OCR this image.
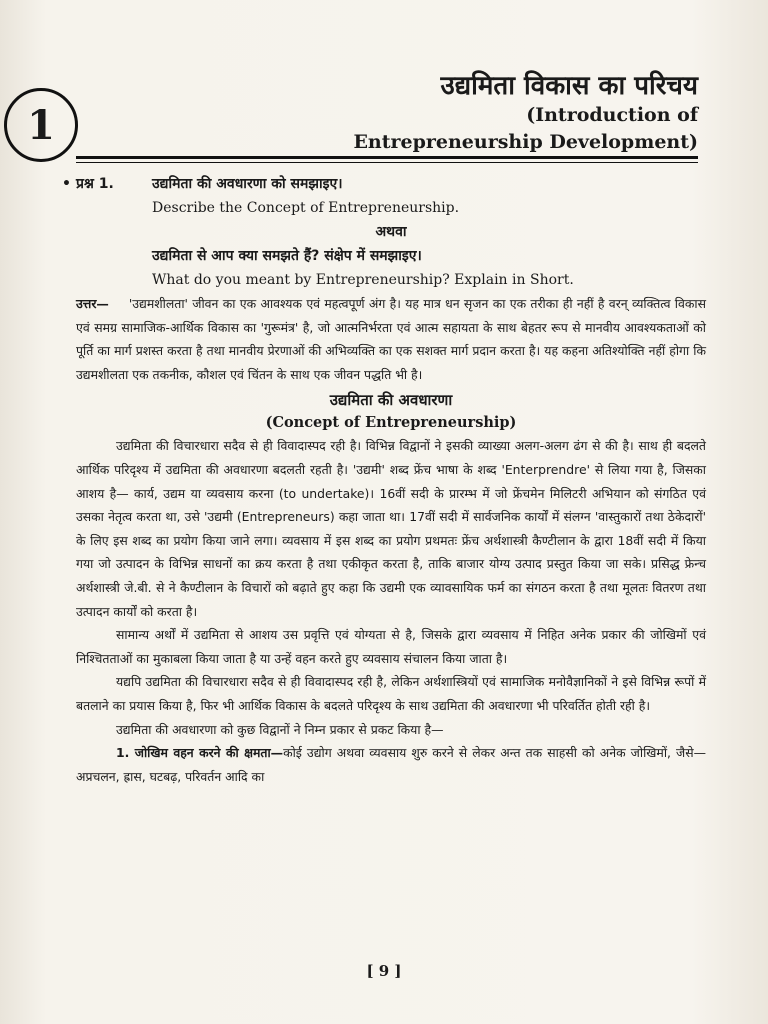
1
उद्यमिता विकास का परिचय
(Introduction of
Entrepreneurship Development)
• प्रश्न 1.	उद्यमिता की अवधारणा को समझाइए।
Describe the Concept of Entrepreneurship.
अथवा
उद्यमिता से आप क्या समझते हैं? संक्षेप में समझाइए।
What do you meant by Entrepreneurship? Explain in Short.

उत्तर— 'उद्यमशीलता' जीवन का एक आवश्यक एवं महत्वपूर्ण अंग है। यह मात्र धन सृजन का एक तरीका ही नहीं है वरन् व्यक्तित्व विकास एवं समग्र सामाजिक-आर्थिक विकास का 'गुरूमंत्र' है, जो आत्मनिर्भरता एवं आत्म सहायता के साथ बेहतर रूप से मानवीय आवश्यकताओं को पूर्ति का मार्ग प्रशस्त करता है तथा मानवीय प्रेरणाओं की अभिव्यक्ति का एक सशक्त मार्ग प्रदान करता है। यह कहना अतिश्योक्ति नहीं होगा कि उद्यमशीलता एक तकनीक, कौशल एवं चिंतन के साथ एक जीवन पद्धति भी है।

उद्यमिता की अवधारणा
(Concept of Entrepreneurship)

उद्यमिता की विचारधारा सदैव से ही विवादास्पद रही है। विभिन्न विद्वानों ने इसकी व्याख्या अलग-अलग ढंग से की है। साथ ही बदलते आर्थिक परिदृश्य में उद्यमिता की अवधारणा बदलती रहती है। 'उद्यमी' शब्द फ्रेंच भाषा के शब्द 'Enterprendre' से लिया गया है, जिसका आशय है— कार्य, उद्यम या व्यवसाय करना (to undertake)। 16वीं सदी के प्रारम्भ में जो फ्रेंचमेन मिलिटरी अभियान को संगठित एवं उसका नेतृत्व करता था, उसे 'उद्यमी (Entrepreneurs) कहा जाता था। 17वीं सदी में सार्वजनिक कार्यों में संलग्न 'वास्तुकारों तथा ठेकेदारों' के लिए इस शब्द का प्रयोग किया जाने लगा। व्यवसाय में इस शब्द का प्रयोग प्रथमतः फ्रेंच अर्थशास्त्री कैण्टीलान के द्वारा 18वीं सदी में किया गया जो उत्पादन के विभिन्न साधनों का क्रय करता है तथा एकीकृत करता है, ताकि बाजार योग्य उत्पाद प्रस्तुत किया जा सके। प्रसिद्ध फ्रेन्च अर्थशास्त्री जे.बी. से ने कैण्टीलान के विचारों को बढ़ाते हुए कहा कि उद्यमी एक व्यावसायिक फर्म का संगठन करता है तथा मूलतः वितरण तथा उत्पादन कार्यों को करता है।

सामान्य अर्थों में उद्यमिता से आशय उस प्रवृत्ति एवं योग्यता से है, जिसके द्वारा व्यवसाय में निहित अनेक प्रकार की जोखिमों एवं निश्चितताओं का मुकाबला किया जाता है या उन्हें वहन करते हुए व्यवसाय संचालन किया जाता है।

यद्यपि उद्यमिता की विचारधारा सदैव से ही विवादास्पद रही है, लेकिन अर्थशास्त्रियों एवं सामाजिक मनोवैज्ञानिकों ने इसे विभिन्न रूपों में बतलाने का प्रयास किया है, फिर भी आर्थिक विकास के बदलते परिदृश्य के साथ उद्यमिता की अवधारणा भी परिवर्तित होती रही है।

उद्यमिता की अवधारणा को कुछ विद्वानों ने निम्न प्रकार से प्रकट किया है—

1. जोखिम वहन करने की क्षमता—कोई उद्योग अथवा व्यवसाय शुरु करने से लेकर अन्त तक साहसी को अनेक जोखिमों, जैसे—अप्रचलन, ह्रास, घटबढ़, परिवर्तन आदि का

[ 9 ]
